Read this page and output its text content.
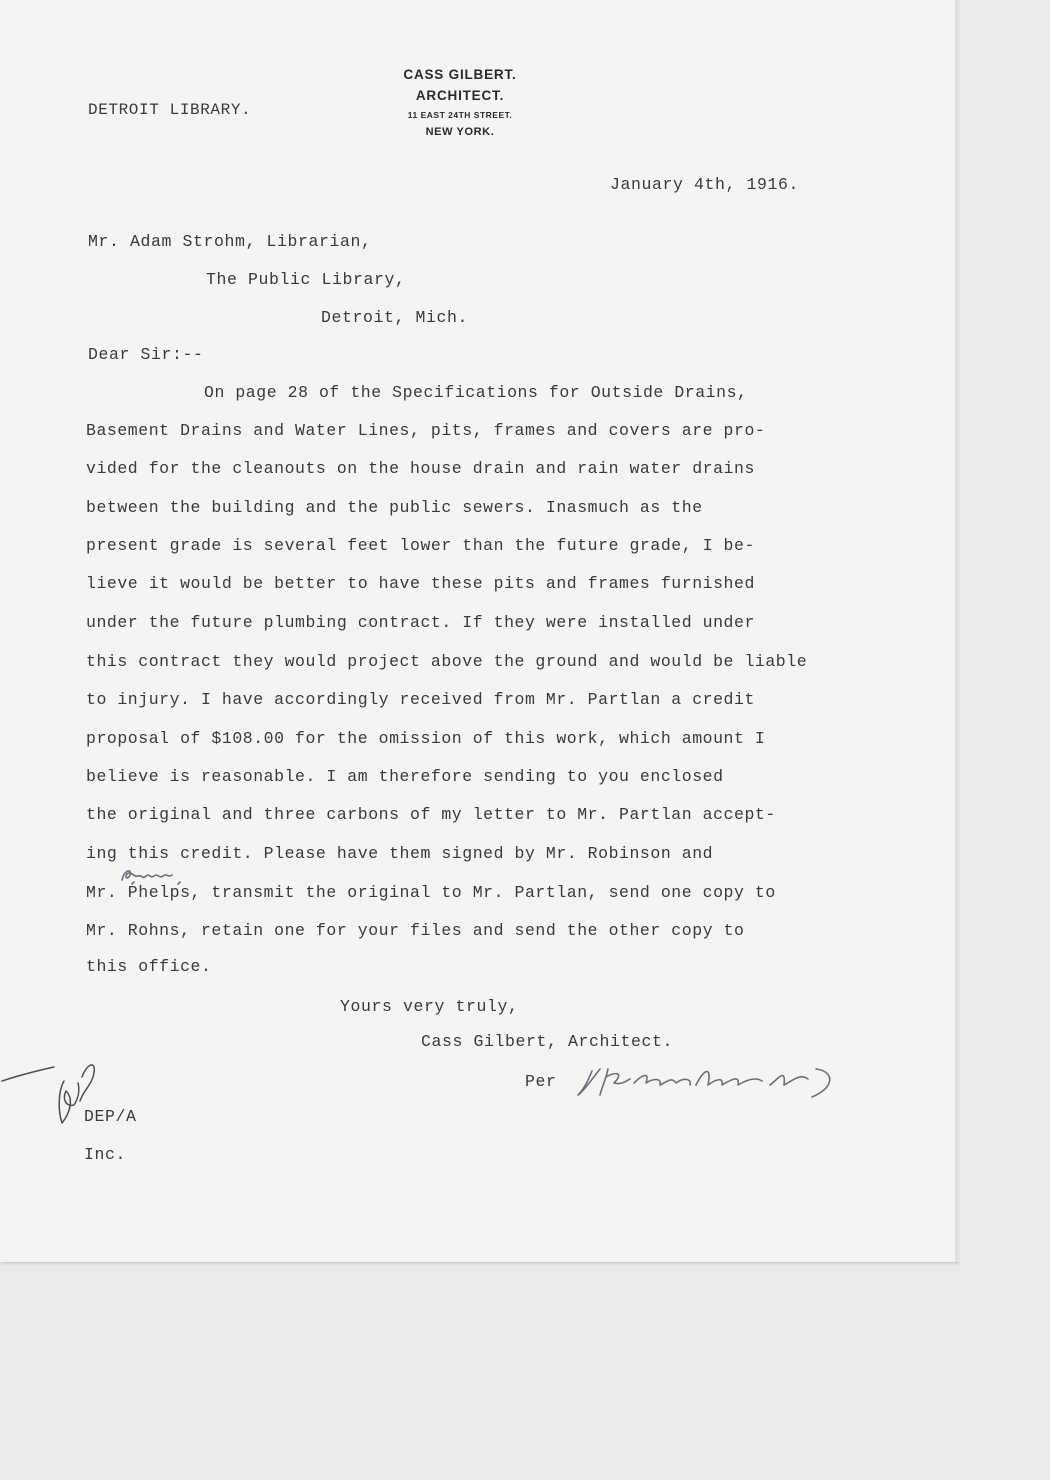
DETROIT LIBRARY.
CASS GILBERT.
ARCHITECT.
11 EAST 24TH STREET.
NEW YORK.
January 4th, 1916.
Mr. Adam Strohm, Librarian,
The Public Library,
Detroit, Mich.
Dear Sir:--
On page 28 of the Specifications for Outside Drains,
Basement Drains and Water Lines, pits, frames and covers are pro-
vided for the cleanouts on the house drain and rain water drains
between the building and the public sewers. Inasmuch as the
present grade is several feet lower than the future grade, I be-
lieve it would be better to have these pits and frames furnished
under the future plumbing contract. If they were installed under
this contract they would project above the ground and would be liable
to injury. I have accordingly received from Mr. Partlan a credit
proposal of $108.00 for the omission of this work, which amount I
believe is reasonable. I am therefore sending to you enclosed
the original and three carbons of my letter to Mr. Partlan accept-
ing this credit. Please have them signed by Mr. Robinson and
Mr. Phelps, transmit the original to Mr. Partlan, send one copy to
Mr. Rohns, retain one for your files and send the other copy to
this office.
Yours very truly,
Cass Gilbert, Architect.
Per
DEP/A
Inc.
